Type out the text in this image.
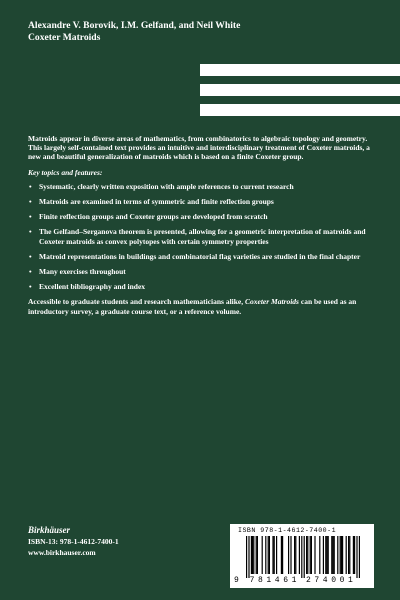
Alexandre V. Borovik, I.M. Gelfand, and Neil White
Coxeter Matroids

Matroids appear in diverse areas of mathematics, from combinatorics to algebraic topology and geometry. This largely self-contained text provides an intuitive and interdisciplinary treatment of Coxeter matroids, a new and beautiful generalization of matroids which is based on a finite Coxeter group.

Key topics and features:

• Systematic, clearly written exposition with ample references to current research
• Matroids are examined in terms of symmetric and finite reflection groups
• Finite reflection groups and Coxeter groups are developed from scratch
• The Gelfand–Serganova theorem is presented, allowing for a geometric interpretation of matroids and Coxeter matroids as convex polytopes with certain symmetry properties
• Matroid representations in buildings and combinatorial flag varieties are studied in the final chapter
• Many exercises throughout
• Excellent bibliography and index

Accessible to graduate students and research mathematicians alike, Coxeter Matroids can be used as an introductory survey, a graduate course text, or a reference volume.

Birkhäuser
ISBN-13: 978-1-4612-7400-1
www.birkhauser.com
ISBN 978-1-4612-7400-1
9 7 8 1 4 6 1 2 7 4 0 0 1
